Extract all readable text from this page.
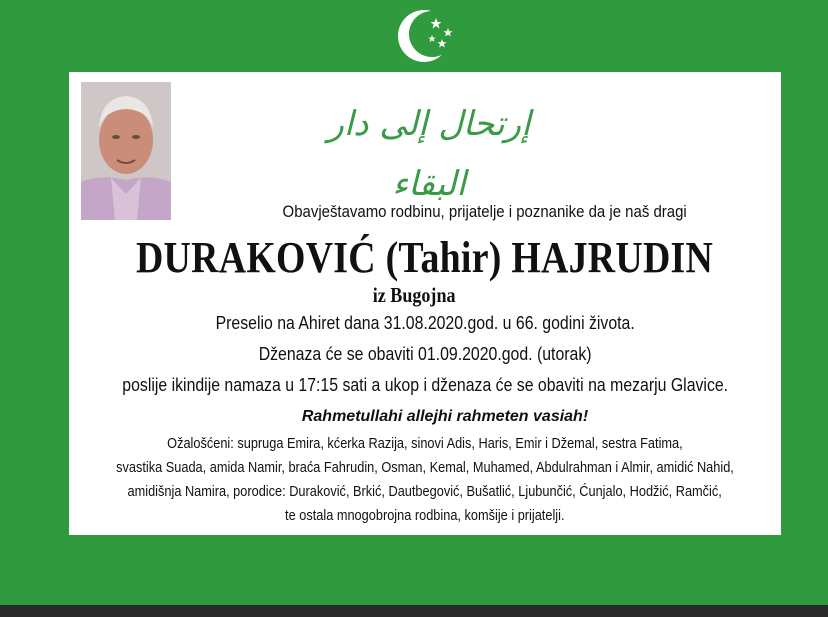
إرتحال إلى دار البقاء
Obavještavamo rodbinu, prijatelje i poznanike da je naš dragi
DURAKOVIĆ (Tahir) HAJRUDIN iz Bugojna
Preselio na Ahiret dana 31.08.2020.god. u 66. godini života.
Dženaza će se obaviti 01.09.2020.god. (utorak)
poslije ikindije namaza u 17:15 sati a ukop i dženaza će se obaviti na mezarju Glavice.
Rahmetullahi allejhi rahmeten vasiah!
Ožalošćeni: supruga Emira, kćerka Razija, sinovi Adis, Haris, Emir i Džemal, sestra Fatima,
svastika Suada, amida Namir, braća Fahrudin, Osman, Kemal, Muhamed, Abdulrahman i Almir, amidić Nahid,
amidišnja Namira, porodice: Duraković, Brkić, Dautbegović, Bušatlić, Ljubunčić, Ćunjalo, Hodžić, Ramčić,
te ostala mnogobrojna rodbina, komšije i prijatelji.
